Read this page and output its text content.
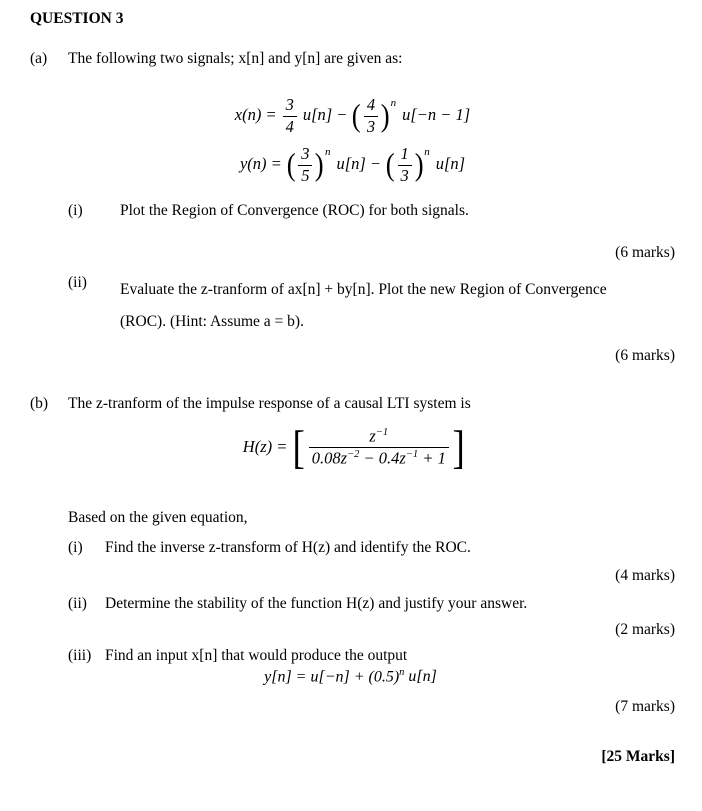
QUESTION 3
(a)	The following two signals; x[n] and y[n] are given as:
$x(n) = \frac{3}{4} u[n]$ − ( $\frac{4}{3} )^nu[-n - 1]$
y(n) = ( $\frac{3}{5} )^nu[n]$ − ( $\frac{1}{3} )^nu[n]$
(i)	Plot the Region of Convergence (ROC) for both signals.
(6 marks)
(ii)	Evaluate the z-tranform of ax[n] + by[n]. Plot the new Region of Convergence
(ROC). (Hint: Assume a = b).
(6 marks)
(b)	The z-tranform of the impulse response of a causal LTI system is
H(z) = [ $\frac{z^{-1}}{0.08z^{-2} - 0.4z^{-1} + 1}$ ]
Based on the given equation,
(i)	Find the inverse z-transform of H(z) and identify the ROC.
(4 marks)
(ii)	Determine the stability of the function H(z) and justify your answer.
(2 marks)
(iii) Find an input x[n] that would produce the output
$y[n] = u[-n] + (0.5)^n$ u[n]
(7 marks)
[25 Marks]
